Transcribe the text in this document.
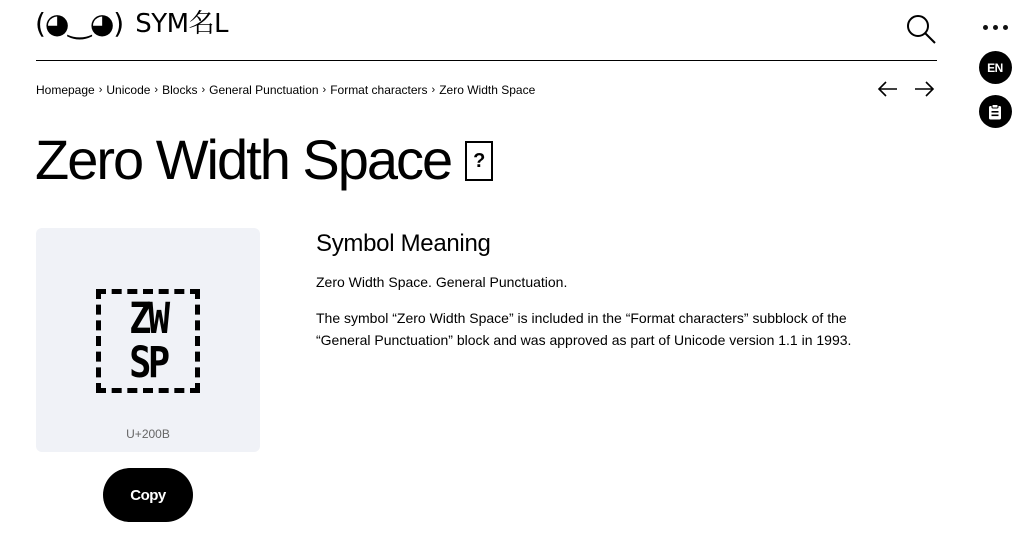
(◕‿◕) SYM名L
EN
Homepage › Unicode › Blocks › General Punctuation › Format characters › Zero Width Space
Zero Width Space	?
ZW
SP
U+200B
Copy
Symbol Meaning

Zero Width Space. General Punctuation.

The symbol “Zero Width Space” is included in the “Format characters” subblock of the “General Punctuation” block and was approved as part of Unicode version 1.1 in 1993.
